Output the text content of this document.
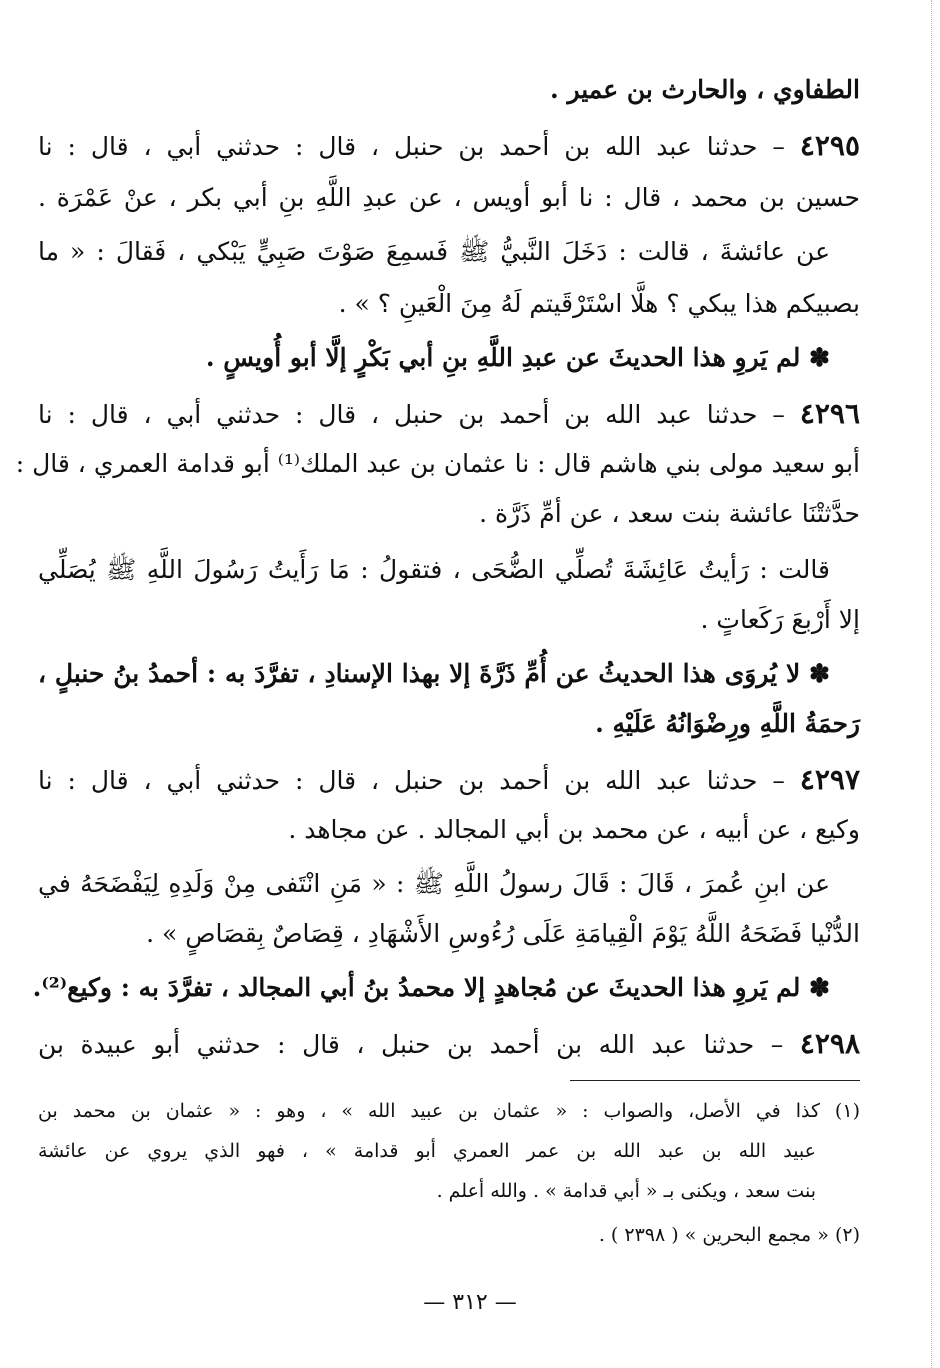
الطفاوي ، والحارث بن عمير .
٤٢٩٥ – حدثنا عبد الله بن أحمد بن حنبل ، قال : حدثني أبي ، قال : نا
حسين بن محمد ، قال : نا أبو أويس ، عن عبدِ اللَّهِ بنِ أبي بكر ، عنْ عَمْرَة .
عن عائشةَ ، قالت : دَخَلَ النَّبيُّ ﷺ فَسمِعَ صَوْتَ صَبِيٍّ يَبْكي ، فَقالَ : « ما
بصبيكم هذا يبكي ؟ هلَّا اسْتَرْقَيتم لَهُ مِنَ الْعَينِ ؟ » .
✽ لم يَروِ هذا الحديثَ عن عبدِ اللَّهِ بنِ أبي بَكْرٍ إلَّا أبو أُويسٍ .
٤٢٩٦ – حدثنا عبد الله بن أحمد بن حنبل ، قال : حدثني أبي ، قال : نا
أبو سعيد مولى بني هاشم قال : نا عثمان بن عبد الملك⁽¹⁾ أبو قدامة العمري ، قال :
حدَّثتْنَا عائشة بنت سعد ، عن أمِّ ذَرَّة .
قالت : رَأيتُ عَائِشَةَ تُصلِّي الضُّحَى ، فتقولُ : مَا رَأَيتُ رَسُولَ اللَّهِ ﷺ يُصَلِّي
إلا أَرْبعَ رَكَعاتٍ .
✽ لا يُروَى هذا الحديثُ عن أُمِّ ذَرَّةَ إلا بهذا الإسنادِ ، تفرَّدَ به : أحمدُ بنُ حنبلٍ ،
رَحمَةُ اللَّهِ ورِضْوَانُهُ عَلَيْهِ .
٤٢٩٧ – حدثنا عبد الله بن أحمد بن حنبل ، قال : حدثني أبي ، قال : نا
وكيع ، عن أبيه ، عن محمد بن أبي المجالد . عن مجاهد .
عن ابنِ عُمرَ ، قَالَ : قَالَ رسولُ اللَّهِ ﷺ : « مَنِ انْتَفى مِنْ وَلَدِهِ لِيَفْضَحَهُ في
الدُّنْيا فَضَحَهُ اللَّهُ يَوْمَ الْقِيامَةِ عَلَى رُءُوسِ الأَشْهَادِ ، قِصَاصٌ بِقصَاصٍ » .
✽ لم يَروِ هذا الحديثَ عن مُجاهدٍ إلا محمدُ بنُ أبي المجالد ، تفرَّدَ به : وكيع⁽²⁾.
٤٢٩٨ – حدثنا عبد الله بن أحمد بن حنبل ، قال : حدثني أبو عبيدة بن
(١) كذا في الأصل، والصواب : « عثمان بن عبيد الله » ، وهو : « عثمان بن محمد بن
عبيد الله بن عبد الله بن عمر العمري أبو قدامة » ، فهو الذي يروي عن عائشة
بنت سعد ، ويكنى بـ « أبي قدامة » . والله أعلم .
(٢) « مجمع البحرين » ( ٢٣٩٨ ) .
— ٣١٢ —
